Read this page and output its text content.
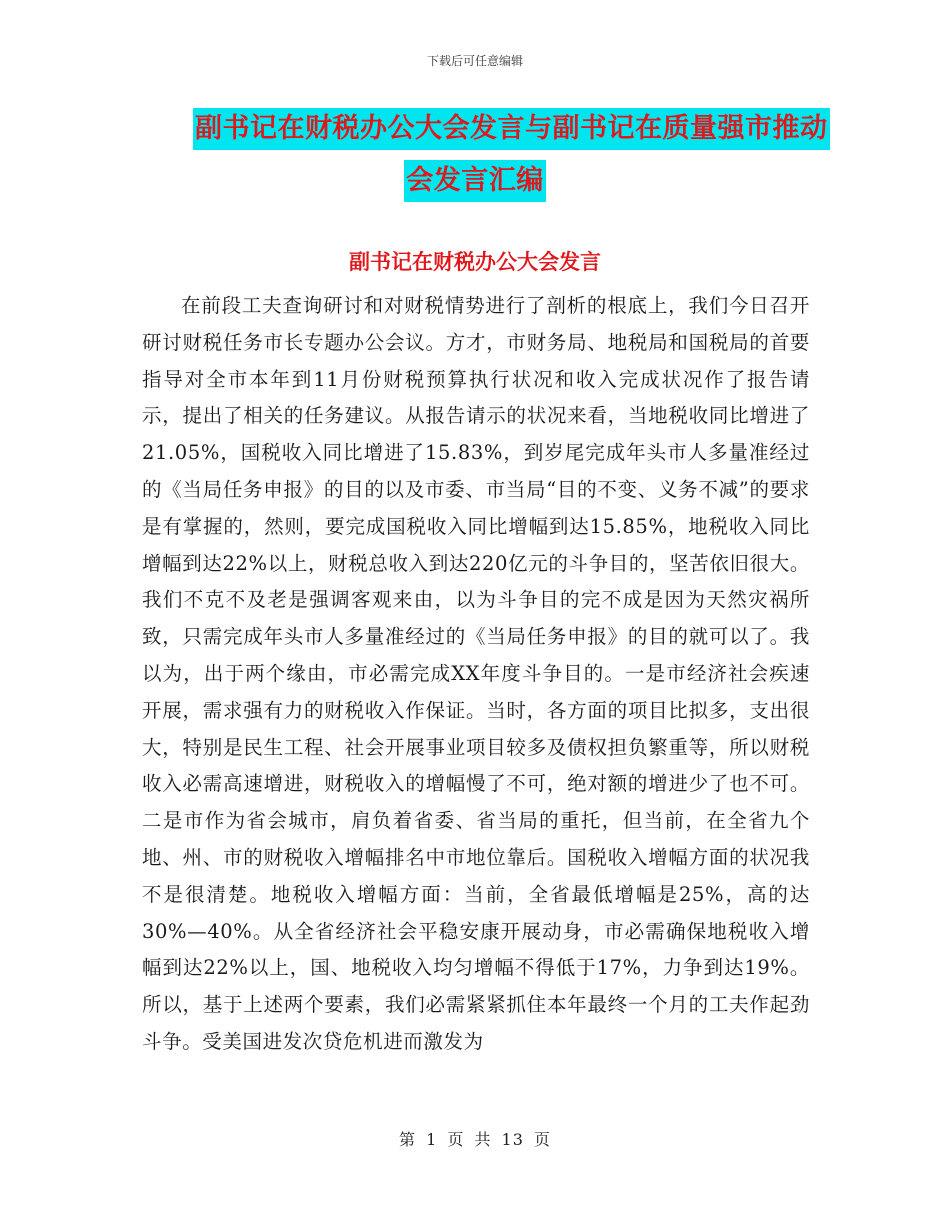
下载后可任意编辑
副书记在财税办公大会发言与副书记在质量强市推动
会发言汇编
副书记在财税办公大会发言

在前段工夫查询研讨和对财税情势进行了剖析的根底上，我们今日召开研讨财税任务市长专题办公会议。方才，市财务局、地税局和国税局的首要指导对全市本年到11月份财税预算执行状况和收入完成状况作了报告请示，提出了相关的任务建议。从报告请示的状况来看，当地税收同比增进了21.05%，国税收入同比增进了15.83%，到岁尾完成年头市人多量准经过的《当局任务申报》的目的以及市委、市当局“目的不变、义务不减”的要求是有掌握的，然则，要完成国税收入同比增幅到达15.85%，地税收入同比增幅到达22%以上，财税总收入到达220亿元的斗争目的，坚苦依旧很大。我们不克不及老是强调客观来由，以为斗争目的完不成是因为天然灾祸所致，只需完成年头市人多量准经过的《当局任务申报》的目的就可以了。我以为，出于两个缘由，市必需完成XX年度斗争目的。一是市经济社会疾速开展，需求强有力的财税收入作保证。当时，各方面的项目比拟多，支出很大，特别是民生工程、社会开展事业项目较多及债权担负繁重等，所以财税收入必需高速增进，财税收入的增幅慢了不可，绝对额的增进少了也不可。二是市作为省会城市，肩负着省委、省当局的重托，但当前，在全省九个地、州、市的财税收入增幅排名中市地位靠后。国税收入增幅方面的状况我不是很清楚。地税收入增幅方面：当前，全省最低增幅是25%，高的达30%—40%。从全省经济社会平稳安康开展动身，市必需确保地税收入增幅到达22%以上，国、地税收入均匀增幅不得低于17%，力争到达19%。所以，基于上述两个要素，我们必需紧紧抓住本年最终一个月的工夫作起劲斗争。受美国进发次贷危机进而激发为

第 1 页 共 13 页
